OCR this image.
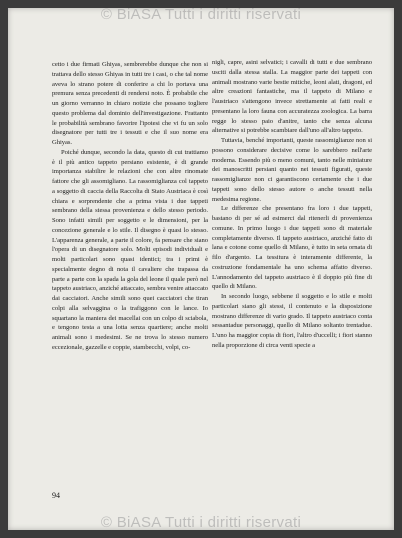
© BiASA Tutti i diritti riservati

cetto i due firmati Ghiyas, sembrerebbe dunque che non si trattava dello stesso Ghiyas in tutti tre i casi, o che tal nome aveva lo strano potere di conferire a chi lo portava una premura senza precedenti di rendersi noto. È probabile che un giorno verranno in chiaro notizie che possano togliere questo problema dal dominio dell'investigazione. Frattanto le probabilità sembrano favorire l'ipotesi che vi fu un solo disegnatore per tutti tre i tessuti e che il suo nome era Ghiyas.

Poiché dunque, secondo la data, questo di cui trattiamo è il più antico tappeto persiano esistente, è di grande importanza stabilire le relazioni che con altre rinomate fattore che gli assomigliano. La rassomiglianza col tappeto a soggetto di caccia della Raccolta di Stato Austriaca è così chiara e sorprendente che a prima vista i due tappeti sembrano della stessa provenienza e dello stesso periodo. Sono infatti simili per soggetto e le dimensioni, per la concezione generale e lo stile. Il disegno è quasi lo stesso. L'apparenza generale, a parte il colore, fa pensare che siano l'opera di un disegnatore solo. Molti episodi individuali e molti particolari sono quasi identici; tra i primi è specialmente degno di nota il cavaliere che trapassa da parte a parte con la spada la gola del leone il quale però nel tappeto austriaco, anziché attaccato, sembra venire attaccato dai cacciatori. Anche simili sono quei cacciatori che tiran colpi alla selvaggina o la trafiggono con le lance. Io squartano la maniera dei macellai con un colpo di sciabola, e tengono testa a una lotta senza quartiere; anche molti animali sono i medesimi. Se ne trova lo stesso numero eccezionale, gazzelle e coppie, stambecchi, volpi, co-

nigli, capre, asini selvatici; i cavalli di tutti e due sembrano usciti dalla stessa stalla. La maggior parte dei tappeti con animali mostrano varie bestie mitiche, leoni alati, dragoni, ed altre creazioni fantastiche, ma il tappeto di Milano e l'austriaco s'attengono invece strettamente ai fatti reali e presentano la loro fauna con accuratezza zoologica. La barra regge lo stesso paio d'anitre, tanto che senza alcuna alternative si potrebbe scambiare dall'uno all'altro tappeto.

Tuttavia, benché importanti, queste rassomiglianze non si possono considerare decisive come lo sarebbero nell'arte moderna. Essendo più o meno comuni, tanto nelle miniature dei manoscritti persiani quanto nei tessuti figurati, queste rassomiglianze non ci garantiscono certamente che i due tappeti sono dello stesso autore o anche tessuti nella medesima regione.

Le differenze che presentano fra loro i due tappeti, bastano di per sé ad esimerci dal ritenerli di provenienza comune. In primo luogo i due tappeti sono di materiale completamente diverso. Il tappeto austriaco, anziché fatto di lana e cotone come quello di Milano, è tutto in seta ornata di filo d'argento. La tessitura è interamente differente, la costruzione fondamentale ha uno schema affatto diverso. L'annodamento del tappeto austriaco è il doppio più fine di quello di Milano.

In secondo luogo, sebbene il soggetto e lo stile e molti particolari siano gli stessi, il contenuto e la disposizione mostrano differenze di vario grado. Il tappeto austriaco conta sessantadue personaggi, quello di Milano soltanto trentadue. L'uno ha maggior copia di fiori, l'altro d'uccelli; i fiori stanno nella proporzione di circa venti specie a

94
© BiASA Tutti i diritti riservati
